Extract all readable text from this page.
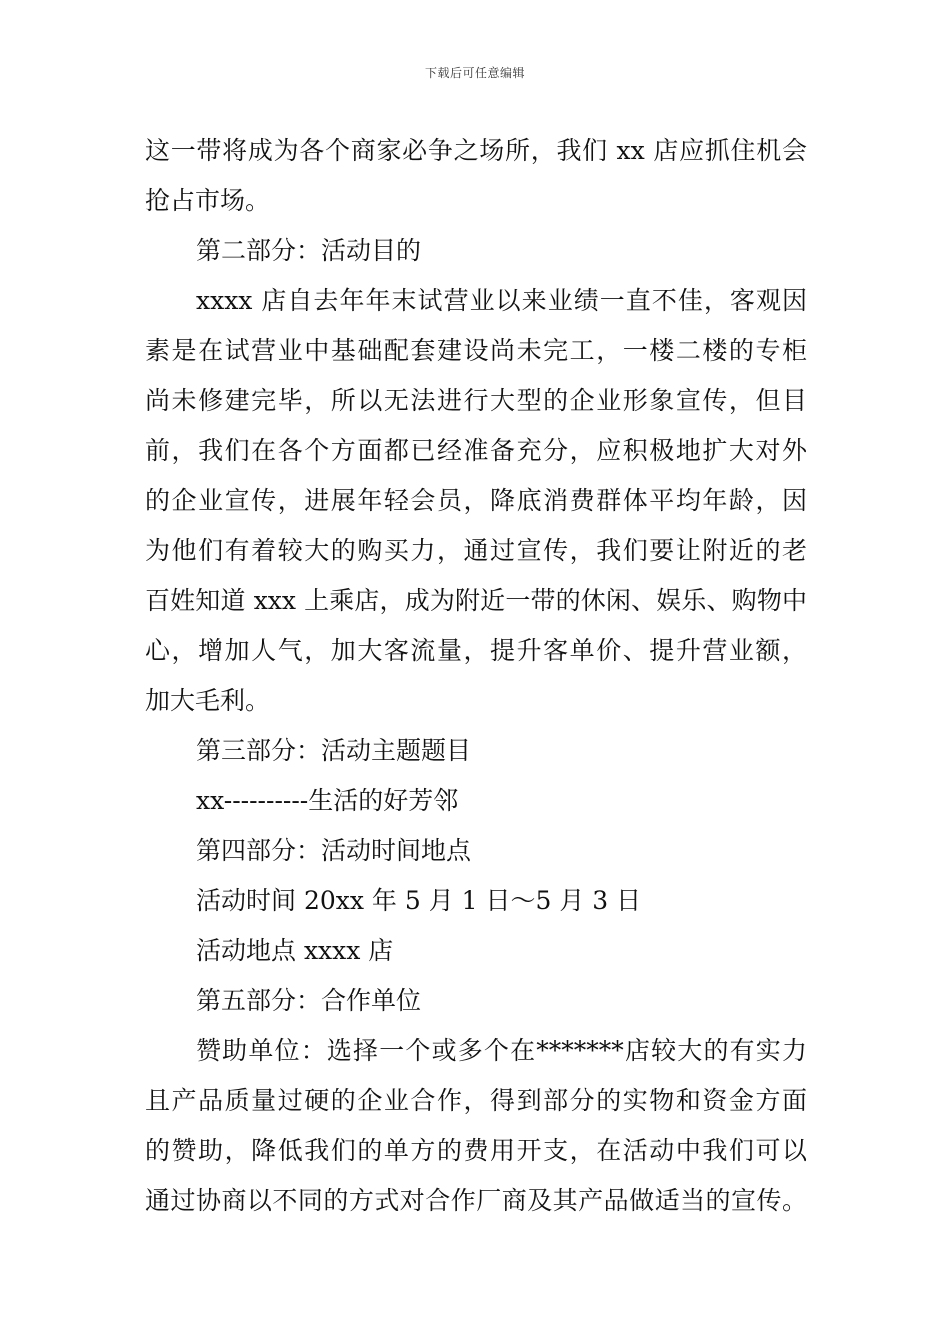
下载后可任意编辑
这一带将成为各个商家必争之场所，我们 xx 店应抓住机会
抢占市场。
第二部分：活动目的
xxxx 店自去年年末试营业以来业绩一直不佳，客观因
素是在试营业中基础配套建设尚未完工，一楼二楼的专柜
尚未修建完毕，所以无法进行大型的企业形象宣传，但目
前，我们在各个方面都已经准备充分，应积极地扩大对外
的企业宣传，进展年轻会员，降底消费群体平均年龄，因
为他们有着较大的购买力，通过宣传，我们要让附近的老
百姓知道 xxx 上乘店，成为附近一带的休闲、娱乐、购物中
心，增加人气，加大客流量，提升客单价、提升营业额，
加大毛利。
第三部分：活动主题题目
xx----------生活的好芳邻
第四部分：活动时间地点
活动时间 20xx 年 5 月 1 日～5 月 3 日
活动地点 xxxx 店
第五部分：合作单位
赞助单位：选择一个或多个在*******店较大的有实力
且产品质量过硬的企业合作，得到部分的实物和资金方面
的赞助，降低我们的单方的费用开支，在活动中我们可以
通过协商以不同的方式对合作厂商及其产品做适当的宣传。
